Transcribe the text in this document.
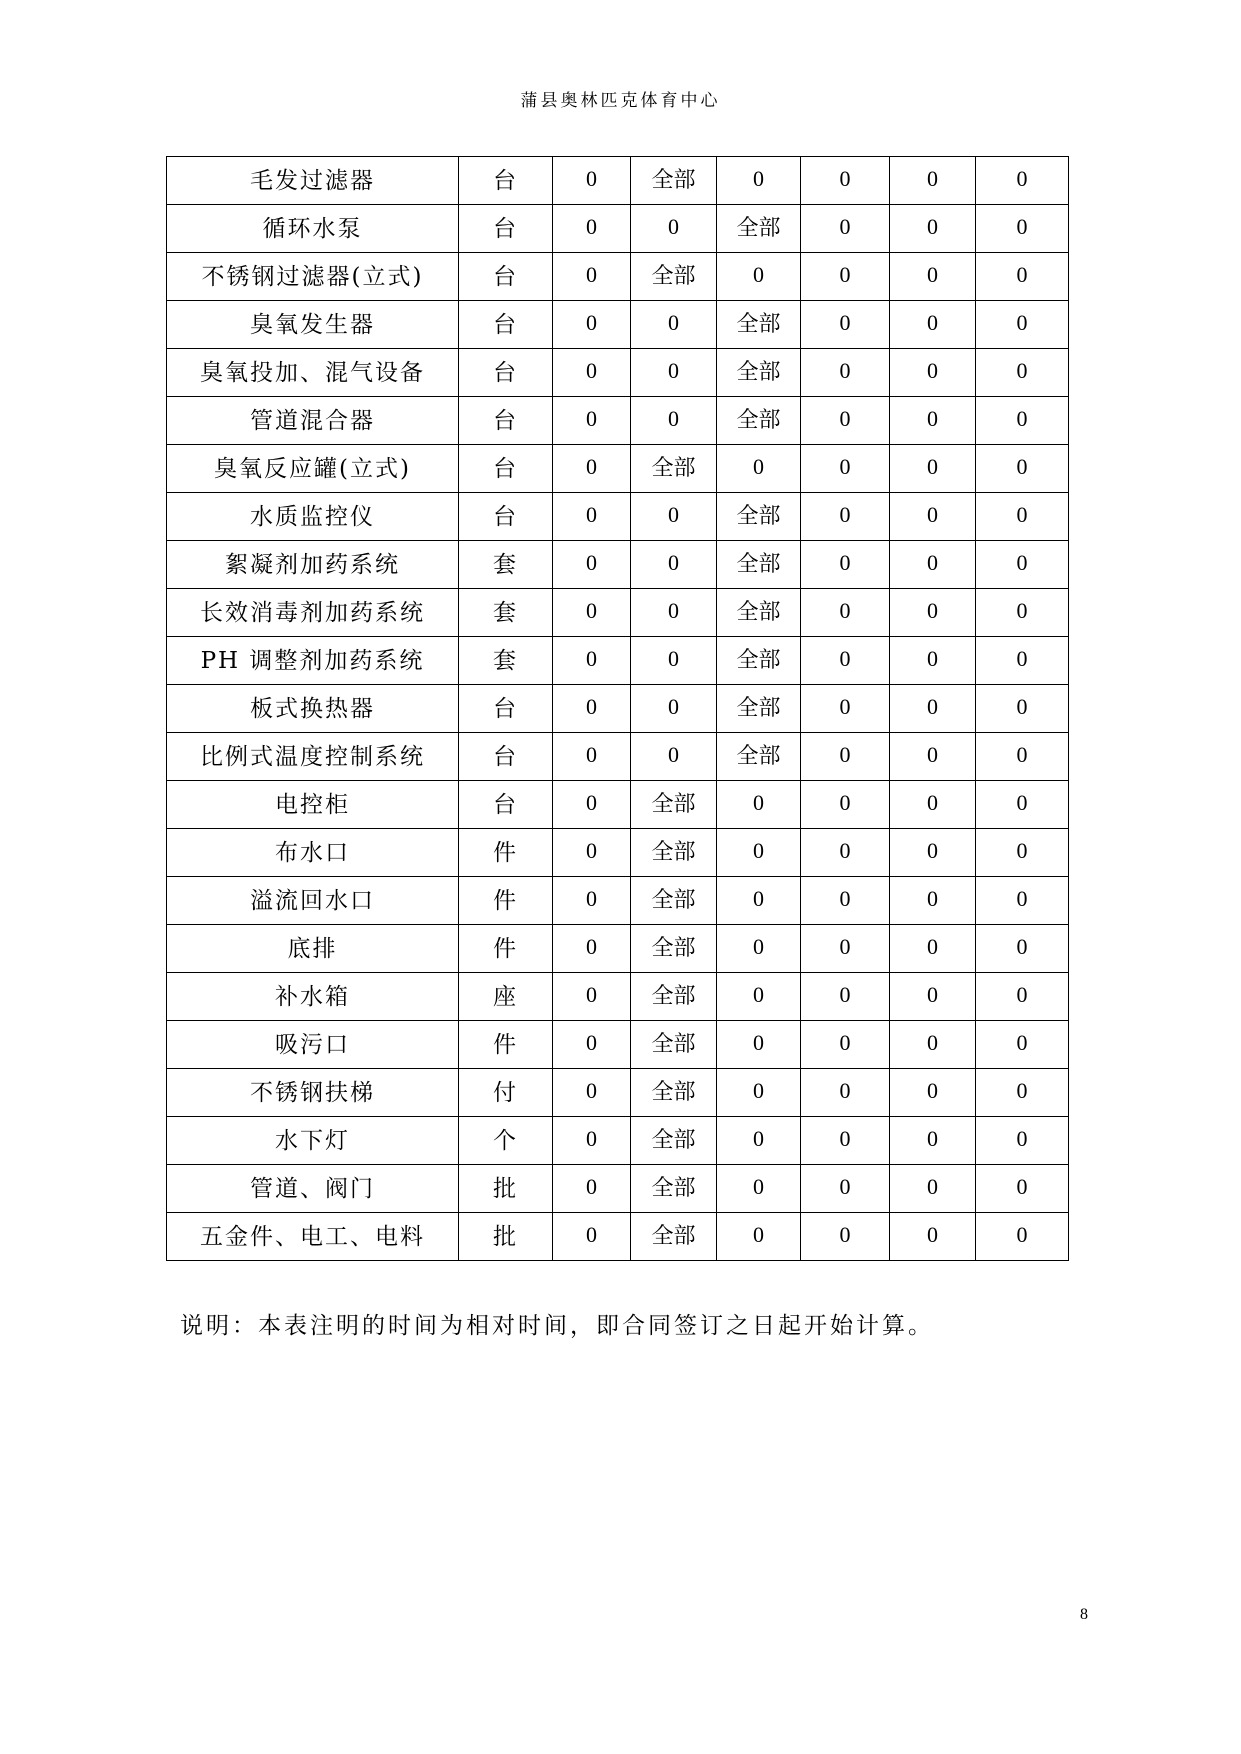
蒲县奥林匹克体育中心
毛发过滤器	台	0	全部	0	0	0	0
循环水泵	台	0	0	全部	0	0	0
不锈钢过滤器(立式)	台	0	全部	0	0	0	0
臭氧发生器	台	0	0	全部	0	0	0
臭氧投加、混气设备	台	0	0	全部	0	0	0
管道混合器	台	0	0	全部	0	0	0
臭氧反应罐(立式)	台	0	全部	0	0	0	0
水质监控仪	台	0	0	全部	0	0	0
絮凝剂加药系统	套	0	0	全部	0	0	0
长效消毒剂加药系统	套	0	0	全部	0	0	0
PH 调整剂加药系统	套	0	0	全部	0	0	0
板式换热器	台	0	0	全部	0	0	0
比例式温度控制系统	台	0	0	全部	0	0	0
电控柜	台	0	全部	0	0	0	0
布水口	件	0	全部	0	0	0	0
溢流回水口	件	0	全部	0	0	0	0
底排	件	0	全部	0	0	0	0
补水箱	座	0	全部	0	0	0	0
吸污口	件	0	全部	0	0	0	0
不锈钢扶梯	付	0	全部	0	0	0	0
水下灯	个	0	全部	0	0	0	0
管道、阀门	批	0	全部	0	0	0	0
五金件、电工、电料	批	0	全部	0	0	0	0
说明：本表注明的时间为相对时间，即合同签订之日起开始计算。
8
